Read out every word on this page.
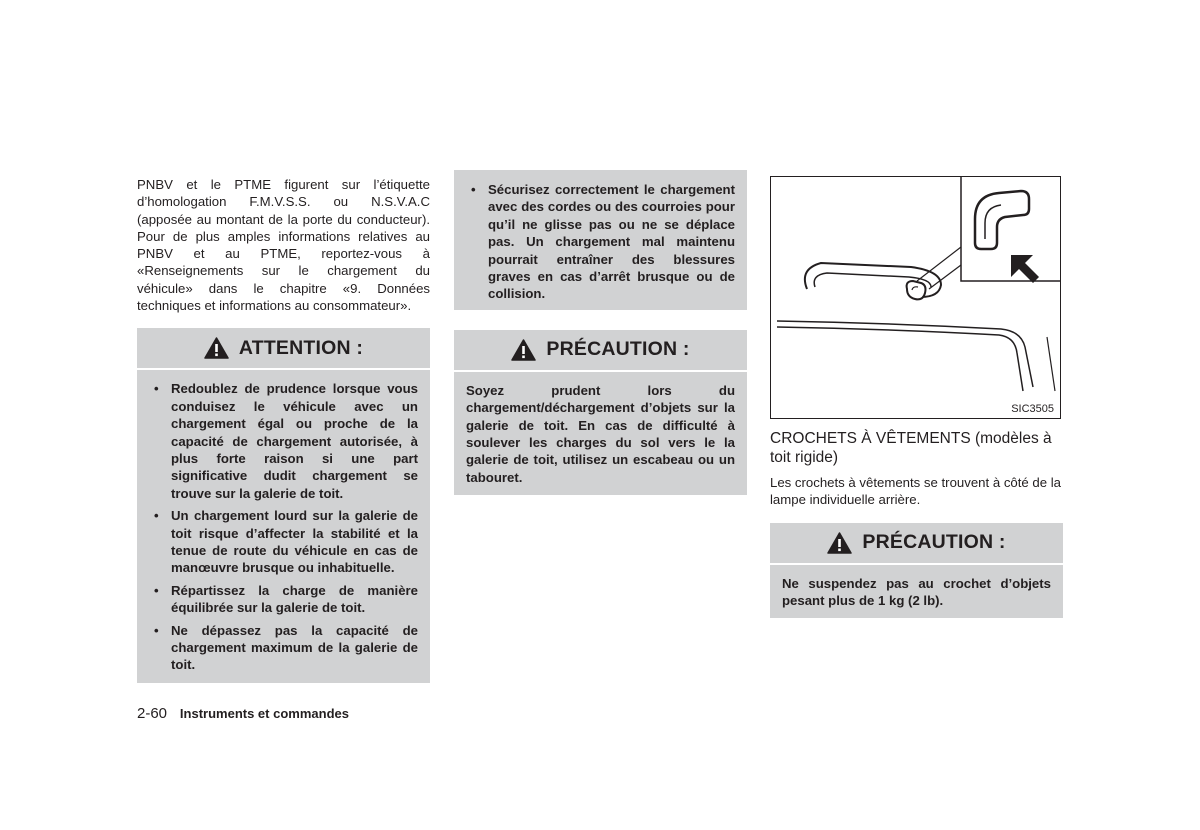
PNBV et le PTME figurent sur l’étiquette d’homologation F.M.V.S.S. ou N.S.V.A.C (apposée au montant de la porte du conducteur). Pour de plus amples informations relatives au PNBV et au PTME, reportez-vous à «Renseignements sur le chargement du véhicule» dans le chapitre «9. Données techniques et informations au consommateur».

ATTENTION :
• Redoublez de prudence lorsque vous conduisez le véhicule avec un chargement égal ou proche de la capacité de chargement autorisée, à plus forte raison si une part significative dudit chargement se trouve sur la galerie de toit.
• Un chargement lourd sur la galerie de toit risque d’affecter la stabilité et la tenue de route du véhicule en cas de manœuvre brusque ou inhabituelle.
• Répartissez la charge de manière équilibrée sur la galerie de toit.
• Ne dépassez pas la capacité de chargement maximum de la galerie de toit.
• Sécurisez correctement le chargement avec des cordes ou des courroies pour qu’il ne glisse pas ou ne se déplace pas. Un chargement mal maintenu pourrait entraîner des blessures graves en cas d’arrêt brusque ou de collision.
PRÉCAUTION :

Soyez prudent lors du chargement/déchargement d’objets sur la galerie de toit. En cas de difficulté à soulever les charges du sol vers le la galerie de toit, utilisez un escabeau ou un tabouret.

SIC3505
CROCHETS À VÊTEMENTS (modèles à toit rigide)

Les crochets à vêtements se trouvent à côté de la lampe individuelle arrière.

PRÉCAUTION :

Ne suspendez pas au crochet d’objets pesant plus de 1 kg (2 lb).

2-60 Instruments et commandes
